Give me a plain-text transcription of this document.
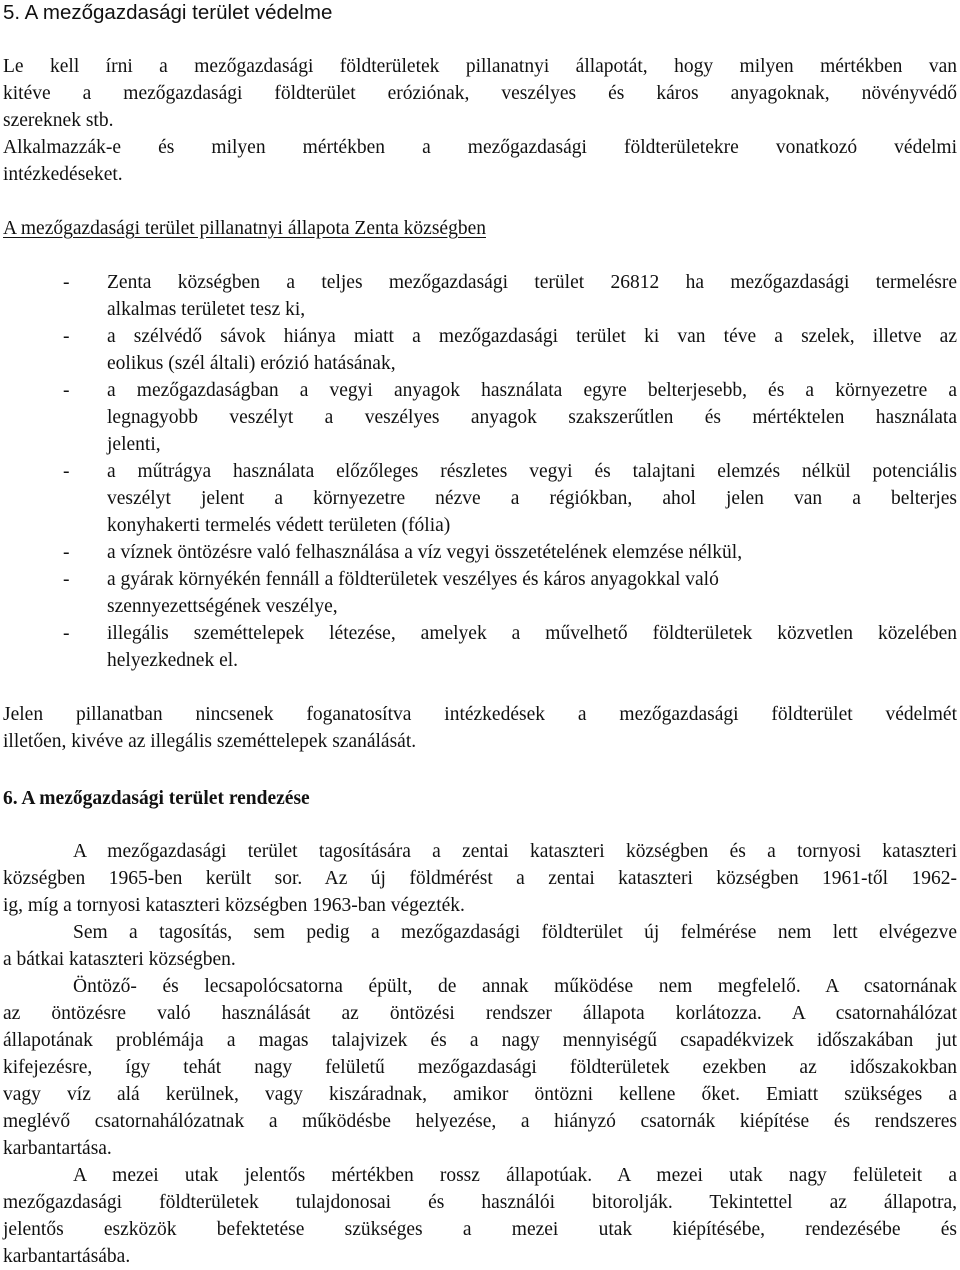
5. A mezőgazdasági terület védelme
Le kell írni a mezőgazdasági földterületek pillanatnyi állapotát, hogy milyen mértékben van
kitéve a mezőgazdasági földterület eróziónak, veszélyes és káros anyagoknak, növényvédő
szereknek stb.
Alkalmazzák-e és milyen mértékben a mezőgazdasági földterületekre vonatkozó védelmi
intézkedéseket.
A mezőgazdasági terület pillanatnyi állapota Zenta községben
-	Zenta községben a teljes mezőgazdasági terület 26812 ha mezőgazdasági termelésre
alkalmas területet tesz ki,
-	a szélvédő sávok hiánya miatt a mezőgazdasági terület ki van téve a szelek, illetve az
eolikus (szél általi) erózió hatásának,
-	a mezőgazdaságban a vegyi anyagok használata egyre belterjesebb, és a környezetre a
legnagyobb veszélyt a veszélyes anyagok szakszerűtlen és mértéktelen használata
jelenti,
-	a műtrágya használata előzőleges részletes vegyi és talajtani elemzés nélkül potenciális
veszélyt jelent a környezetre nézve a régiókban, ahol jelen van a belterjes
konyhakerti termelés védett területen (fólia)
-	a víznek öntözésre való felhasználása a víz vegyi összetételének elemzése nélkül,
-	a gyárak környékén fennáll a földterületek veszélyes és káros anyagokkal való
szennyezettségének veszélye,
-	illegális szeméttelepek létezése, amelyek a művelhető földterületek közvetlen közelében
helyezkednek el.
Jelen pillanatban nincsenek foganatosítva intézkedések a mezőgazdasági földterület védelmét
illetően, kivéve az illegális szeméttelepek szanálását.
6. A mezőgazdasági terület rendezése
A mezőgazdasági terület tagosítására a zentai kataszteri községben és a tornyosi kataszteri
községben 1965-ben került sor. Az új földmérést a zentai kataszteri községben 1961-től 1962-
ig, míg a tornyosi kataszteri községben 1963-ban végezték.
Sem a tagosítás, sem pedig a mezőgazdasági földterület új felmérése nem lett elvégezve
a bátkai kataszteri községben.
Öntöző- és lecsapolócsatorna épült, de annak működése nem megfelelő. A csatornának
az öntözésre való használását az öntözési rendszer állapota korlátozza. A csatornahálózat
állapotának problémája a magas talajvizek és a nagy mennyiségű csapadékvizek időszakában jut
kifejezésre, így tehát nagy felületű mezőgazdasági földterületek ezekben az időszakokban
vagy víz alá kerülnek, vagy kiszáradnak, amikor öntözni kellene őket. Emiatt szükséges a
meglévő csatornahálózatnak a működésbe helyezése, a hiányzó csatornák kiépítése és rendszeres
karbantartása.
A mezei utak jelentős mértékben rossz állapotúak. A mezei utak nagy felületeit a
mezőgazdasági földterületek tulajdonosai és használói bitorolják. Tekintettel az állapotra,
jelentős eszközök befektetése szükséges a mezei utak kiépítésébe, rendezésébe és
karbantartásába.
